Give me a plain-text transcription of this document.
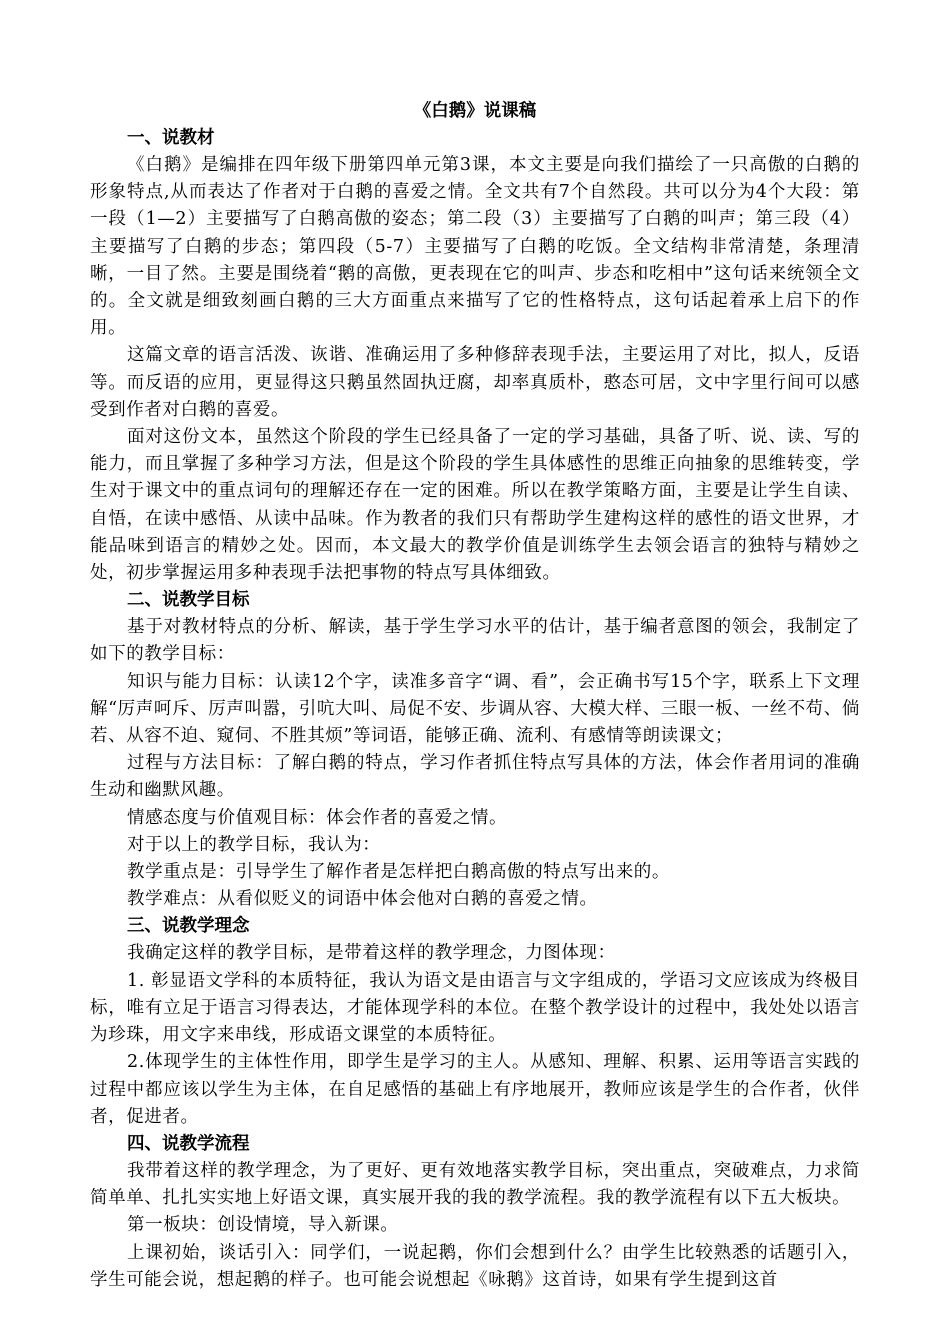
《白鹅》说课稿
一、说教材

《白鹅》是编排在四年级下册第四单元第3课，本文主要是向我们描绘了一只高傲的白鹅的形象特点,从而表达了作者对于白鹅的喜爱之情。全文共有7个自然段。共可以分为4个大段：第一段（1—2）主要描写了白鹅高傲的姿态；第二段（3）主要描写了白鹅的叫声；第三段（4）主要描写了白鹅的步态；第四段（5-7）主要描写了白鹅的吃饭。全文结构非常清楚，条理清晰，一目了然。主要是围绕着“鹅的高傲，更表现在它的叫声、步态和吃相中”这句话来统领全文的。全文就是细致刻画白鹅的三大方面重点来描写了它的性格特点，这句话起着承上启下的作用。

这篇文章的语言活泼、诙谐、准确运用了多种修辞表现手法，主要运用了对比，拟人，反语等。而反语的应用，更显得这只鹅虽然固执迂腐，却率真质朴，憨态可居，文中字里行间可以感受到作者对白鹅的喜爱。

面对这份文本，虽然这个阶段的学生已经具备了一定的学习基础，具备了听、说、读、写的能力，而且掌握了多种学习方法，但是这个阶段的学生具体感性的思维正向抽象的思维转变，学生对于课文中的重点词句的理解还存在一定的困难。所以在教学策略方面，主要是让学生自读、自悟，在读中感悟、从读中品味。作为教者的我们只有帮助学生建构这样的感性的语文世界，才能品味到语言的精妙之处。因而，本文最大的教学价值是训练学生去领会语言的独特与精妙之处，初步掌握运用多种表现手法把事物的特点写具体细致。

二、说教学目标

基于对教材特点的分析、解读，基于学生学习水平的估计，基于编者意图的领会，我制定了如下的教学目标：

知识与能力目标：认读12个字，读准多音字“调、看”，会正确书写15个字，联系上下文理解“厉声呵斥、厉声叫嚣，引吭大叫、局促不安、步调从容、大模大样、三眼一板、一丝不苟、倘若、从容不迫、窥伺、不胜其烦”等词语，能够正确、流利、有感情等朗读课文；

过程与方法目标：了解白鹅的特点，学习作者抓住特点写具体的方法，体会作者用词的准确生动和幽默风趣。

情感态度与价值观目标：体会作者的喜爱之情。

对于以上的教学目标，我认为：

教学重点是：引导学生了解作者是怎样把白鹅高傲的特点写出来的。

教学难点：从看似贬义的词语中体会他对白鹅的喜爱之情。

三、说教学理念

我确定这样的教学目标，是带着这样的教学理念，力图体现：

1. 彰显语文学科的本质特征，我认为语文是由语言与文字组成的，学语习文应该成为终极目标，唯有立足于语言习得表达，才能体现学科的本位。在整个教学设计的过程中，我处处以语言为珍珠，用文字来串线，形成语文课堂的本质特征。

2.体现学生的主体性作用，即学生是学习的主人。从感知、理解、积累、运用等语言实践的过程中都应该以学生为主体，在自足感悟的基础上有序地展开，教师应该是学生的合作者，伙伴者，促进者。

四、说教学流程

我带着这样的教学理念，为了更好、更有效地落实教学目标，突出重点，突破难点，力求简简单单、扎扎实实地上好语文课，真实展开我的我的教学流程。我的教学流程有以下五大板块。

第一板块：创设情境，导入新课。

上课初始，谈话引入：同学们，一说起鹅，你们会想到什么？由学生比较熟悉的话题引入，学生可能会说，想起鹅的样子。也可能会说想起《咏鹅》这首诗，如果有学生提到这首
